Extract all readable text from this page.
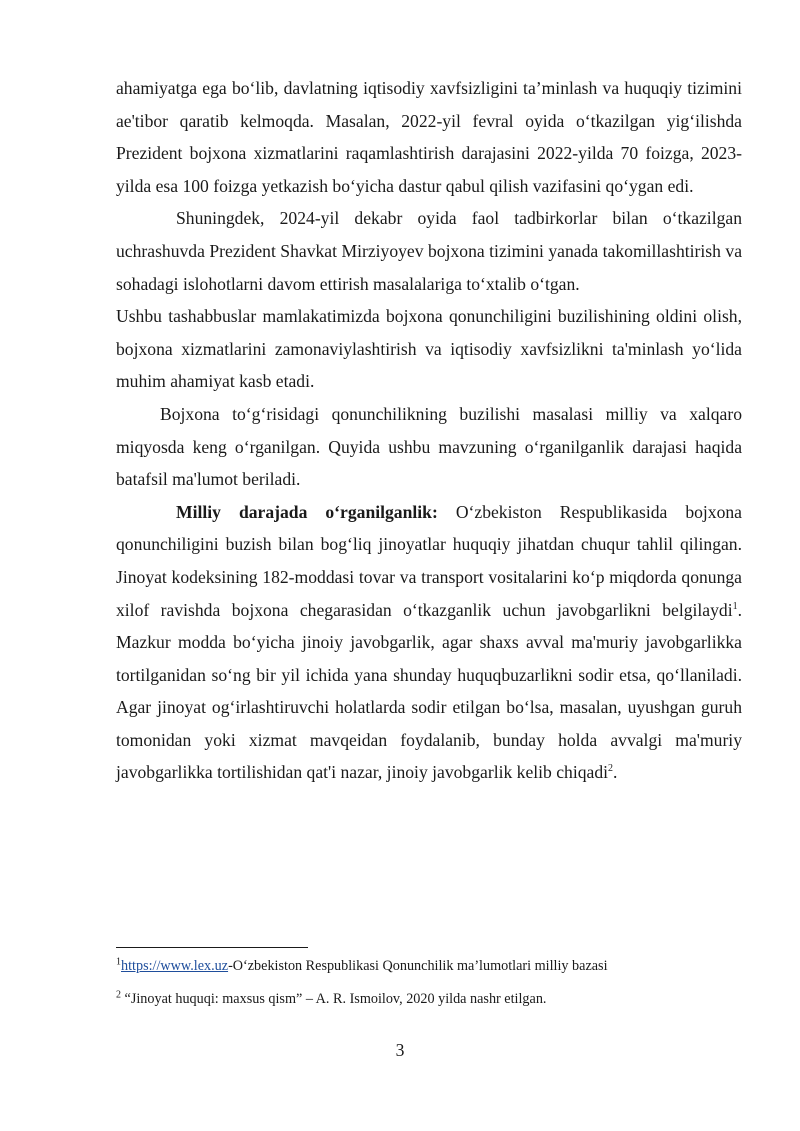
ahamiyatga ega bo‘lib, davlatning iqtisodiy xavfsizligini ta’minlash va huquqiy tizimini ae'tibor qaratib kelmoqda. Masalan, 2022-yil fevral oyida o‘tkazilgan yig‘ilishda Prezident bojxona xizmatlarini raqamlashtirish darajasini 2022-yilda 70 foizga, 2023-yilda esa 100 foizga yetkazish bo‘yicha dastur qabul qilish vazifasini qo‘ygan edi.

Shuningdek, 2024-yil dekabr oyida faol tadbirkorlar bilan o‘tkazilgan uchrashuvda Prezident Shavkat Mirziyoyev bojxona tizimini yanada takomillashtirish va sohadagi islohotlarni davom ettirish masalalariga to‘xtalib o‘tgan.

Ushbu tashabbuslar mamlakatimizda bojxona qonunchiligini buzilishining oldini olish, bojxona xizmatlarini zamonaviylashtirish va iqtisodiy xavfsizlikni ta'minlash yo‘lida muhim ahamiyat kasb etadi.

Bojxona to‘g‘risidagi qonunchilikning buzilishi masalasi milliy va xalqaro miqyosda keng o‘rganilgan. Quyida ushbu mavzuning o‘rganilganlik darajasi haqida batafsil ma'lumot beriladi.

Milliy darajada o‘rganilganlik: O‘zbekiston Respublikasida bojxona qonunchiligini buzish bilan bog‘liq jinoyatlar huquqiy jihatdan chuqur tahlil qilingan. Jinoyat kodeksining 182-moddasi tovar va transport vositalarini ko‘p miqdorda qonunga xilof ravishda bojxona chegarasidan o‘tkazganlik uchun javobgarlikni belgilaydi$^1$. Mazkur modda bo‘yicha jinoiy javobgarlik, agar shaxs avval ma'muriy javobgarlikka tortilganidan so‘ng bir yil ichida yana shunday huquqbuzarlikni sodir etsa, qo‘llaniladi. Agar jinoyat og‘irlashtiruvchi holatlarda sodir etilgan bo‘lsa, masalan, uyushgan guruh tomonidan yoki xizmat mavqeidan foydalanib, bunday holda avvalgi ma'muriy javobgarlikka tortilishidan qat'i nazar, jinoiy javobgarlik kelib chiqadi$^2$.

$^1$https://www.lex.uz-O‘zbekiston Respublikasi Qonunchilik ma’lumotlari milliy bazasi

$^2$ “Jinoyat huquqi: maxsus qism” – A. R. Ismoilov, 2020 yilda nashr etilgan.

3
